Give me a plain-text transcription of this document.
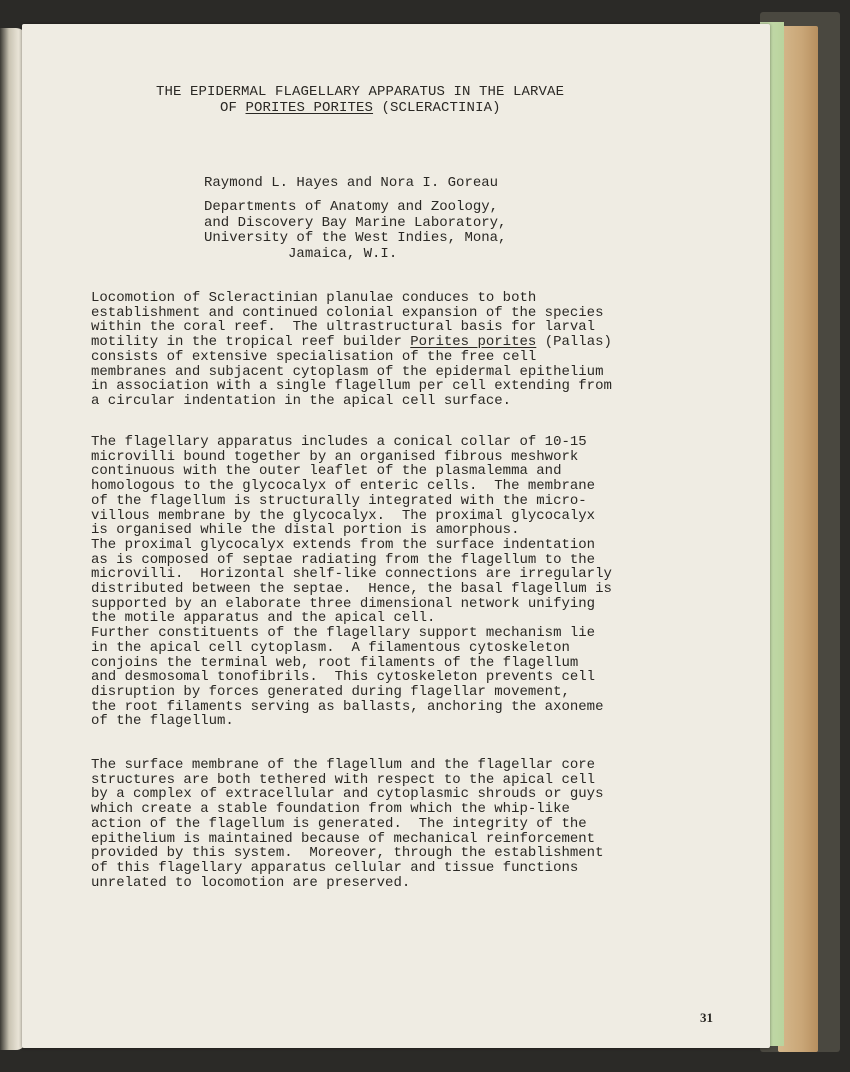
THE EPIDERMAL FLAGELLARY APPARATUS IN THE LARVAE
OF PORITES PORITES (SCLERACTINIA)
Raymond L. Hayes and Nora I. Goreau
Departments of Anatomy and Zoology,
and Discovery Bay Marine Laboratory,
University of the West Indies, Mona,
Jamaica, W.I.
Locomotion of Scleractinian planulae conduces to both
establishment and continued colonial expansion of the species
within the coral reef.  The ultrastructural basis for larval
motility in the tropical reef builder Porites porites (Pallas)
consists of extensive specialisation of the free cell
membranes and subjacent cytoplasm of the epidermal epithelium
in association with a single flagellum per cell extending from
a circular indentation in the apical cell surface.
The flagellary apparatus includes a conical collar of 10-15
microvilli bound together by an organised fibrous meshwork
continuous with the outer leaflet of the plasmalemma and
homologous to the glycocalyx of enteric cells.  The membrane
of the flagellum is structurally integrated with the micro-
villous membrane by the glycocalyx.  The proximal glycocalyx
is organised while the distal portion is amorphous.
The proximal glycocalyx extends from the surface indentation
as is composed of septae radiating from the flagellum to the
microvilli.  Horizontal shelf-like connections are irregularly
distributed between the septae.  Hence, the basal flagellum is
supported by an elaborate three dimensional network unifying
the motile apparatus and the apical cell.
Further constituents of the flagellary support mechanism lie
in the apical cell cytoplasm.  A filamentous cytoskeleton
conjoins the terminal web, root filaments of the flagellum
and desmosomal tonofibrils.  This cytoskeleton prevents cell
disruption by forces generated during flagellar movement,
the root filaments serving as ballasts, anchoring the axoneme
of the flagellum.
The surface membrane of the flagellum and the flagellar core
structures are both tethered with respect to the apical cell
by a complex of extracellular and cytoplasmic shrouds or guys
which create a stable foundation from which the whip-like
action of the flagellum is generated.  The integrity of the
epithelium is maintained because of mechanical reinforcement
provided by this system.  Moreover, through the establishment
of this flagellary apparatus cellular and tissue functions
unrelated to locomotion are preserved.
31
